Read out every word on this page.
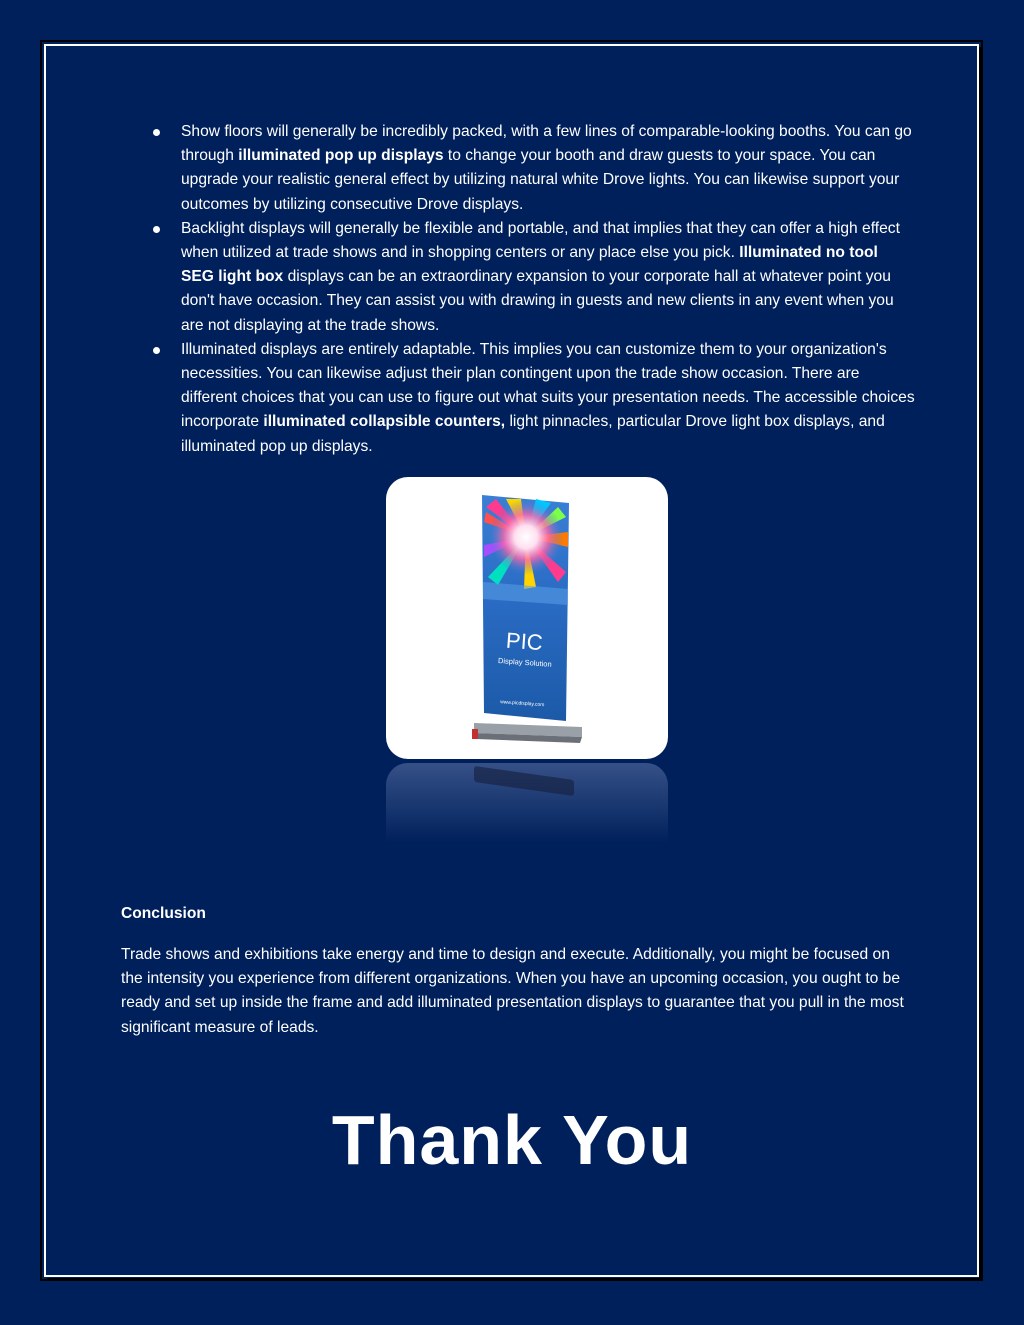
Show floors will generally be incredibly packed, with a few lines of comparable-looking booths. You can go through illuminated pop up displays to change your booth and draw guests to your space. You can upgrade your realistic general effect by utilizing natural white Drove lights. You can likewise support your outcomes by utilizing consecutive Drove displays.
Backlight displays will generally be flexible and portable, and that implies that they can offer a high effect when utilized at trade shows and in shopping centers or any place else you pick. Illuminated no tool SEG light box displays can be an extraordinary expansion to your corporate hall at whatever point you don't have occasion. They can assist you with drawing in guests and new clients in any event when you are not displaying at the trade shows.
Illuminated displays are entirely adaptable. This implies you can customize them to your organization's necessities. You can likewise adjust their plan contingent upon the trade show occasion. There are different choices that you can use to figure out what suits your presentation needs. The accessible choices incorporate illuminated collapsible counters, light pinnacles, particular Drove light box displays, and illuminated pop up displays.
PIC
Display Solution
www.picdisplay.com
Conclusion

Trade shows and exhibitions take energy and time to design and execute. Additionally, you might be focused on the intensity you experience from different organizations. When you have an upcoming occasion, you ought to be ready and set up inside the frame and add illuminated presentation displays to guarantee that you pull in the most significant measure of leads.

Thank You
